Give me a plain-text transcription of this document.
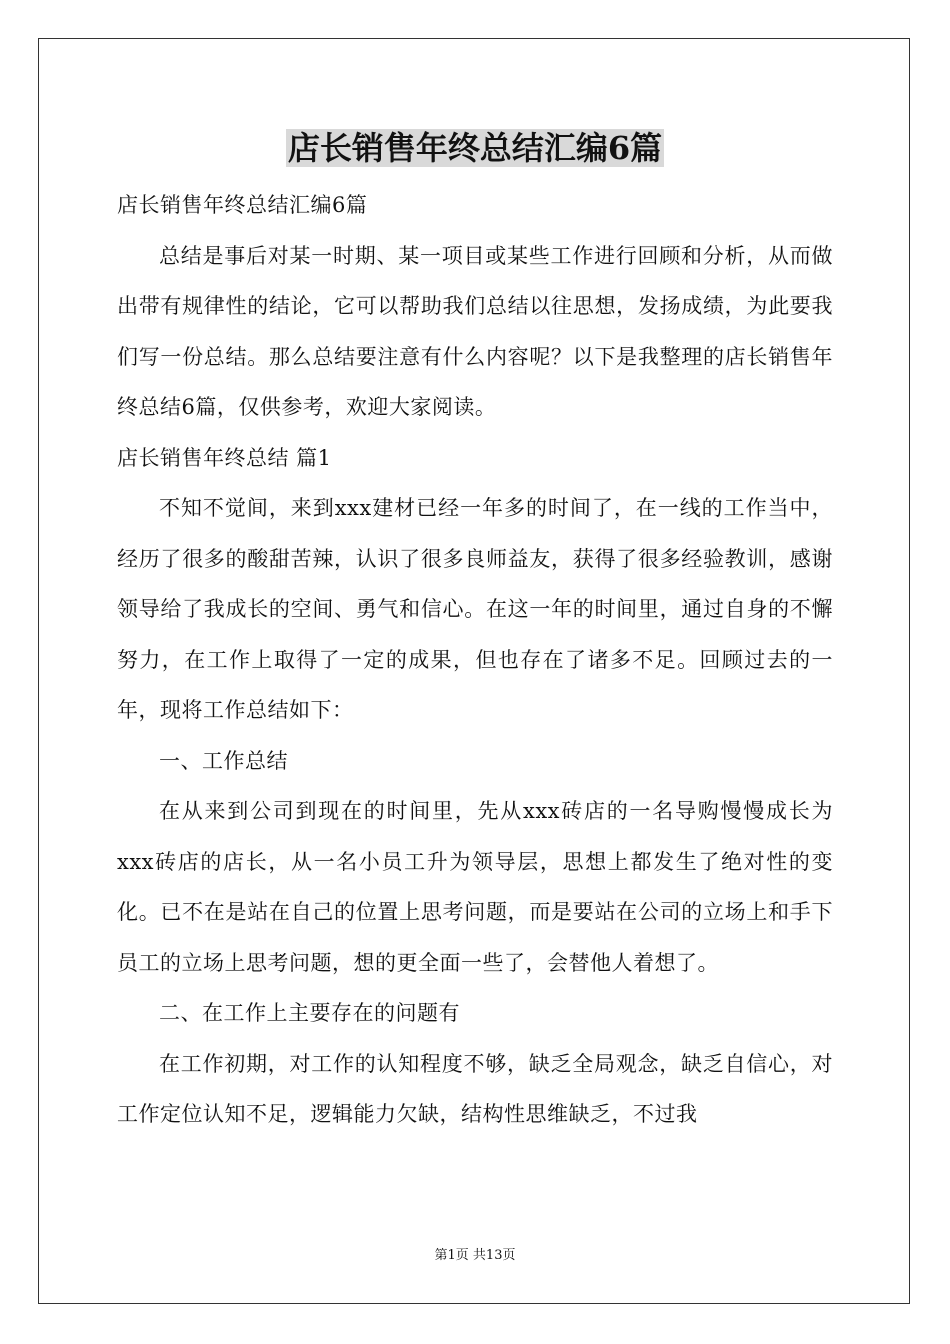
店长销售年终总结汇编6篇

店长销售年终总结汇编6篇

总结是事后对某一时期、某一项目或某些工作进行回顾和分析，从而做出带有规律性的结论，它可以帮助我们总结以往思想，发扬成绩，为此要我们写一份总结。那么总结要注意有什么内容呢？以下是我整理的店长销售年终总结6篇，仅供参考，欢迎大家阅读。

店长销售年终总结 篇1

不知不觉间，来到xxx建材已经一年多的时间了，在一线的工作当中，经历了很多的酸甜苦辣，认识了很多良师益友，获得了很多经验教训，感谢领导给了我成长的空间、勇气和信心。在这一年的时间里，通过自身的不懈努力，在工作上取得了一定的成果，但也存在了诸多不足。回顾过去的一年，现将工作总结如下：

一、工作总结

在从来到公司到现在的时间里，先从xxx砖店的一名导购慢慢成长为xxx砖店的店长，从一名小员工升为领导层，思想上都发生了绝对性的变化。已不在是站在自己的位置上思考问题，而是要站在公司的立场上和手下员工的立场上思考问题，想的更全面一些了，会替他人着想了。

二、在工作上主要存在的问题有

在工作初期，对工作的认知程度不够，缺乏全局观念，缺乏自信心，对工作定位认知不足，逻辑能力欠缺，结构性思维缺乏，不过我

第1页 共13页
